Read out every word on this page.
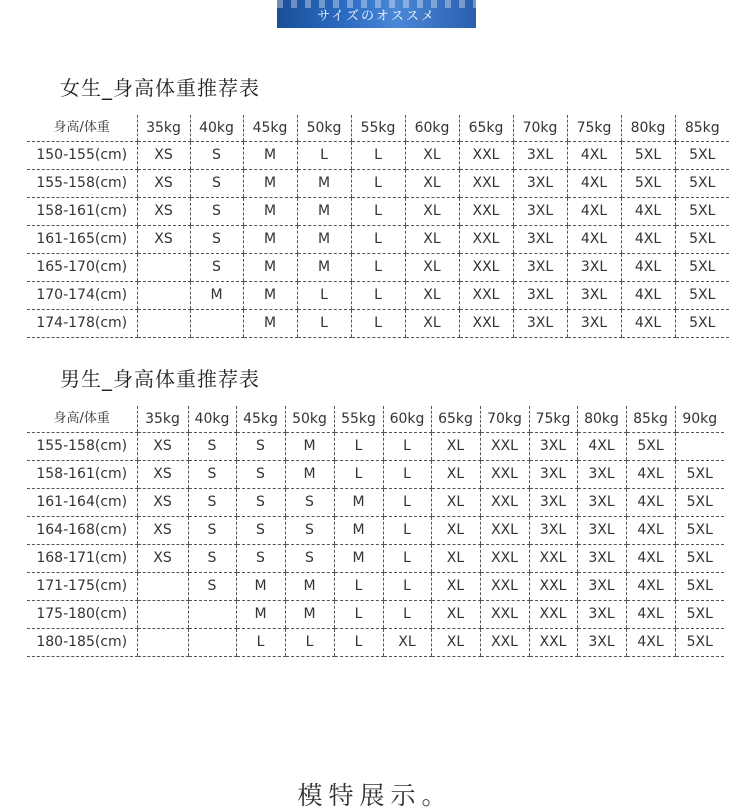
サイズのオススメ
女生_身高体重推荐表
身高/体重	35kg	40kg	45kg	50kg	55kg	60kg	65kg	70kg	75kg	80kg	85kg
150-155(cm)	XS	S	M	L	L	XL	XXL	3XL	4XL	5XL	5XL
155-158(cm)	XS	S	M	M	L	XL	XXL	3XL	4XL	5XL	5XL
158-161(cm)	XS	S	M	M	L	XL	XXL	3XL	4XL	4XL	5XL
161-165(cm)	XS	S	M	M	L	XL	XXL	3XL	4XL	4XL	5XL
165-170(cm)		S	M	M	L	XL	XXL	3XL	3XL	4XL	5XL
170-174(cm)		M	M	L	L	XL	XXL	3XL	3XL	4XL	5XL
174-178(cm)			M	L	L	XL	XXL	3XL	3XL	4XL	5XL
男生_身高体重推荐表
身高/体重	35kg	40kg	45kg	50kg	55kg	60kg	65kg	70kg	75kg	80kg	85kg	90kg
155-158(cm)	XS	S	S	M	L	L	XL	XXL	3XL	4XL	5XL	
158-161(cm)	XS	S	S	M	L	L	XL	XXL	3XL	3XL	4XL	5XL
161-164(cm)	XS	S	S	S	M	L	XL	XXL	3XL	3XL	4XL	5XL
164-168(cm)	XS	S	S	S	M	L	XL	XXL	3XL	3XL	4XL	5XL
168-171(cm)	XS	S	S	S	M	L	XL	XXL	XXL	3XL	4XL	5XL
171-175(cm)		S	M	M	L	L	XL	XXL	XXL	3XL	4XL	5XL
175-180(cm)			M	M	L	L	XL	XXL	XXL	3XL	4XL	5XL
180-185(cm)			L	L	L	XL	XL	XXL	XXL	3XL	4XL	5XL
模特展示。
